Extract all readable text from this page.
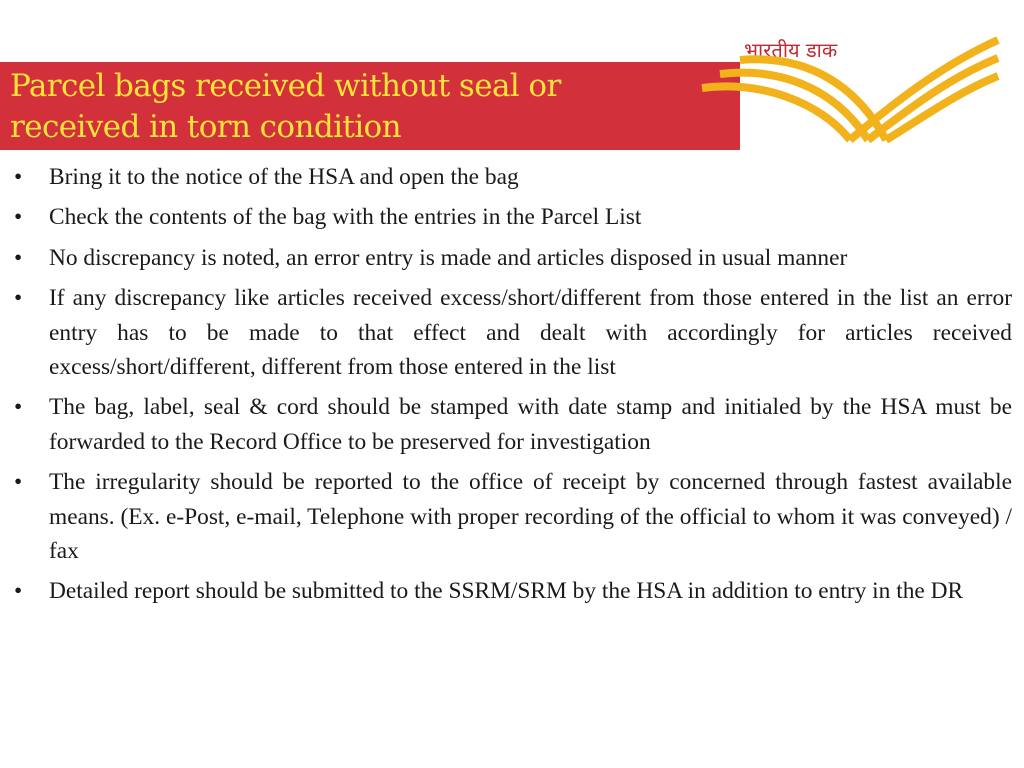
भारतीय डाक
Parcel bags received without seal or
received in torn condition
•	Bring it to the notice of the HSA and open the bag
•	Check the contents of the bag with the entries in the Parcel List
•	No discrepancy is noted, an error entry is made and articles disposed in usual manner
•	If any discrepancy like articles received excess/short/different from those entered in the list an error entry has to be made to that effect and dealt with accordingly for articles received excess/short/different, different from those entered in the list
•	The bag, label, seal & cord should be stamped with date stamp and initialed by the HSA must be forwarded to the Record Office to be preserved for investigation
•	The irregularity should be reported to the office of receipt by concerned through fastest available means. (Ex. e-Post, e-mail, Telephone with proper recording of the official to whom it was conveyed) / fax
•	Detailed report should be submitted to the SSRM/SRM by the HSA in addition to entry in the DR
